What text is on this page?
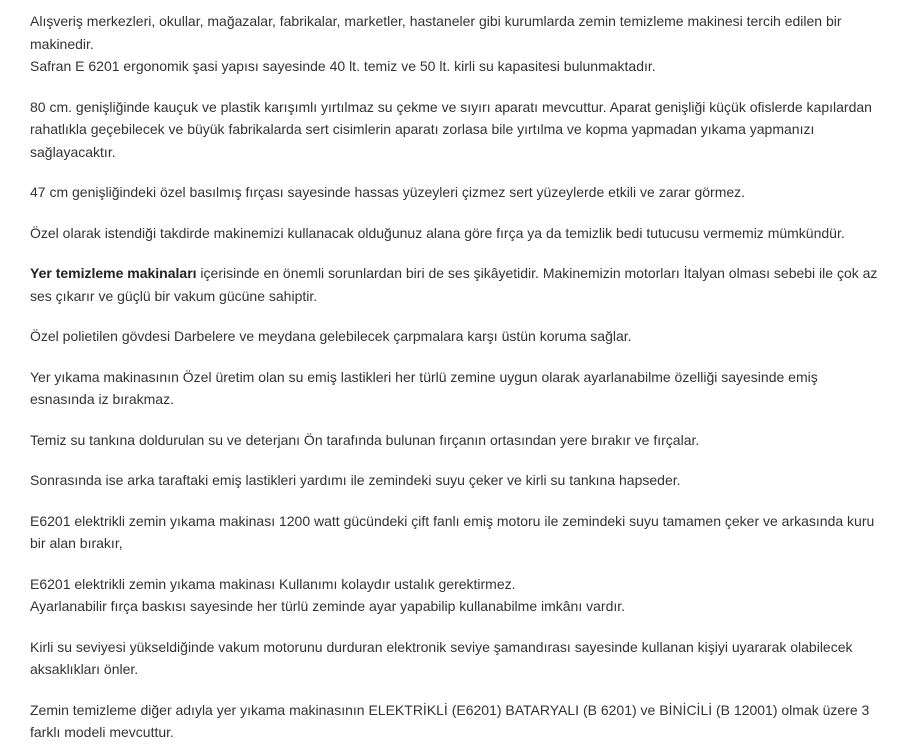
Alışveriş merkezleri, okullar, mağazalar, fabrikalar, marketler, hastaneler gibi kurumlarda zemin temizleme makinesi tercih edilen bir makinedir.
Safran E 6201 ergonomik şasi yapısı sayesinde 40 lt. temiz ve 50 lt. kirli su kapasitesi bulunmaktadır.

80 cm. genişliğinde kauçuk ve plastik karışımlı yırtılmaz su çekme ve sıyırı aparatı mevcuttur. Aparat genişliği küçük ofislerde kapılardan rahatlıkla geçebilecek ve büyük fabrikalarda sert cisimlerin aparatı zorlasa bile yırtılma ve kopma yapmadan yıkama yapmanızı sağlayacaktır.

47 cm genişliğindeki özel basılmış fırçası sayesinde hassas yüzeyleri çizmez sert yüzeylerde etkili ve zarar görmez.

Özel olarak istendiği takdirde makinemizi kullanacak olduğunuz alana göre fırça ya da temizlik bedi tutucusu vermemiz mümkündür.

Yer temizleme makinaları içerisinde en önemli sorunlardan biri de ses şikâyetidir. Makinemizin motorları İtalyan olması sebebi ile çok az ses çıkarır ve güçlü bir vakum gücüne sahiptir.

Özel polietilen gövdesi Darbelere ve meydana gelebilecek çarpmalara karşı üstün koruma sağlar.

Yer yıkama makinasının Özel üretim olan su emiş lastikleri her türlü zemine uygun olarak ayarlanabilme özelliği sayesinde emiş esnasında iz bırakmaz.

Temiz su tankına doldurulan su ve deterjanı Ön tarafında bulunan fırçanın ortasından yere bırakır ve fırçalar.

Sonrasında ise arka taraftaki emiş lastikleri yardımı ile zemindeki suyu çeker ve kirli su tankına hapseder.

E6201 elektrikli zemin yıkama makinası 1200 watt gücündeki çift fanlı emiş motoru ile zemindeki suyu tamamen çeker ve arkasında kuru bir alan bırakır,

E6201 elektrikli zemin yıkama makinası Kullanımı kolaydır ustalık gerektirmez.
Ayarlanabilir fırça baskısı sayesinde her türlü zeminde ayar yapabilip kullanabilme imkânı vardır.

Kirli su seviyesi yükseldiğinde vakum motorunu durduran elektronik seviye şamandırası sayesinde kullanan kişiyi uyararak olabilecek aksaklıkları önler.

Zemin temizleme diğer adıyla yer yıkama makinasının ELEKTRİKLİ (E6201) BATARYALI (B 6201) ve BİNİCİLİ (B 12001) olmak üzere 3 farklı modeli mevcuttur.
